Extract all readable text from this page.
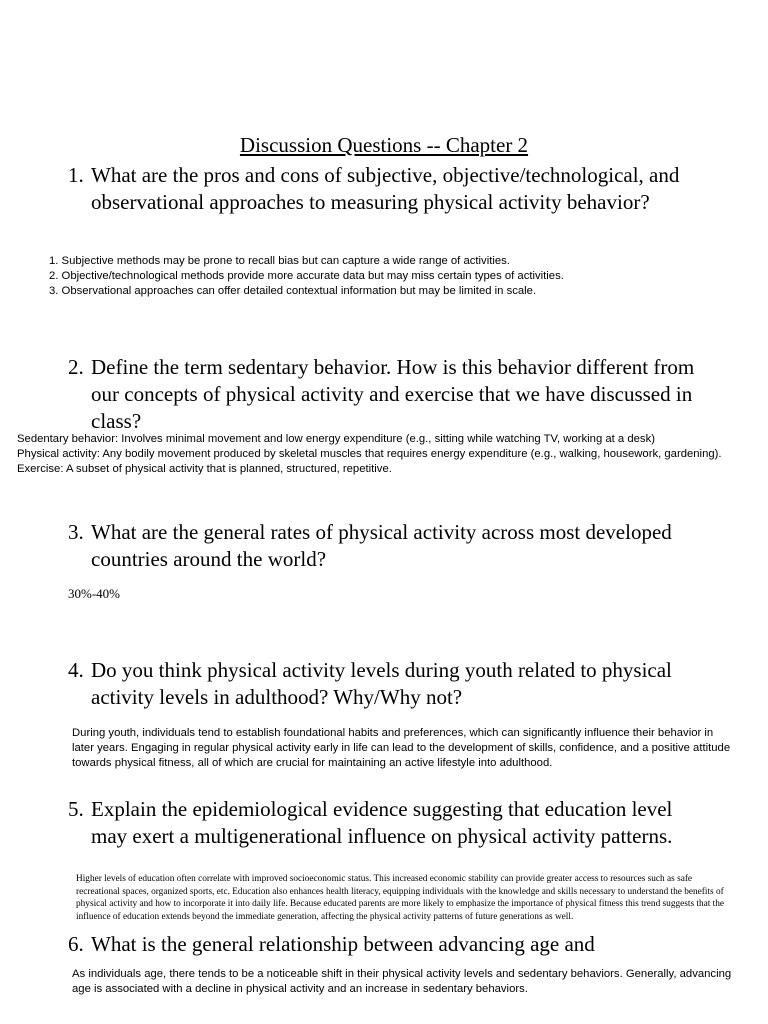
Discussion Questions -- Chapter 2
1. What are the pros and cons of subjective, objective/technological, and observational approaches to measuring physical activity behavior?
1. Subjective methods may be prone to recall bias but can capture a wide range of activities.
2. Objective/technological methods provide more accurate data but may miss certain types of activities.
3. Observational approaches can offer detailed contextual information but may be limited in scale.
2. Define the term sedentary behavior. How is this behavior different from our concepts of physical activity and exercise that we have discussed in class?
Sedentary behavior: Involves minimal movement and low energy expenditure (e.g., sitting while watching TV, working at a desk)
Physical activity: Any bodily movement produced by skeletal muscles that requires energy expenditure (e.g., walking, housework, gardening).
Exercise: A subset of physical activity that is planned, structured, repetitive.
3. What are the general rates of physical activity across most developed countries around the world?
30%-40%
4. Do you think physical activity levels during youth related to physical activity levels in adulthood? Why/Why not?
During youth, individuals tend to establish foundational habits and preferences, which can significantly influence their behavior in later years. Engaging in regular physical activity early in life can lead to the development of skills, confidence, and a positive attitude towards physical fitness, all of which are crucial for maintaining an active lifestyle into adulthood.
5. Explain the epidemiological evidence suggesting that education level may exert a multigenerational influence on physical activity patterns.
Higher levels of education often correlate with improved socioeconomic status. This increased economic stability can provide greater access to resources such as safe recreational spaces, organized sports, etc. Education also enhances health literacy, equipping individuals with the knowledge and skills necessary to understand the benefits of physical activity and how to incorporate it into daily life. Because educated parents are more likely to emphasize the importance of physical fitness this trend suggests that the influence of education extends beyond the immediate generation, affecting the physical activity patterns of future generations as well.
6. What is the general relationship between advancing age and
As individuals age, there tends to be a noticeable shift in their physical activity levels and sedentary behaviors. Generally, advancing age is associated with a decline in physical activity and an increase in sedentary behaviors.
